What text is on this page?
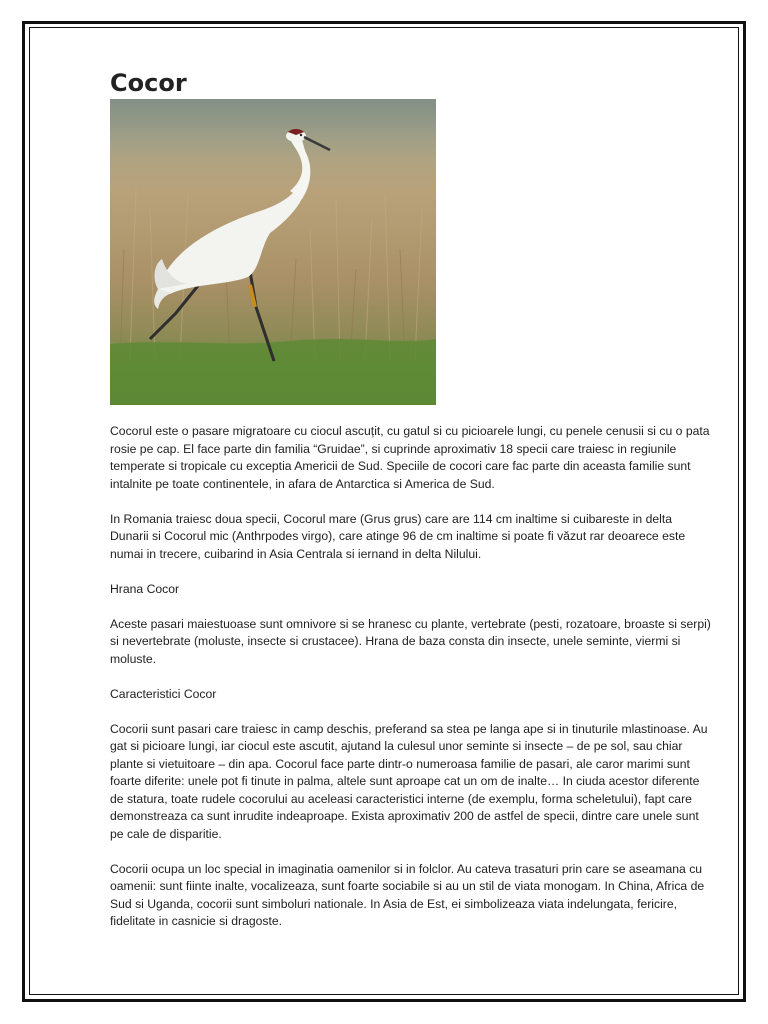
Cocor

Cocorul este o pasare migratoare cu ciocul ascuțit, cu gatul si cu picioarele lungi, cu penele cenusii si cu o pata rosie pe cap. El face parte din familia “Gruidae”, si cuprinde aproximativ 18 specii care traiesc in regiunile temperate si tropicale cu exceptia Americii de Sud. Speciile de cocori care fac parte din aceasta familie sunt intalnite pe toate continentele, in afara de Antarctica si America de Sud.

In Romania traiesc doua specii, Cocorul mare (Grus grus) care are 114 cm inaltime si cuibareste in delta Dunarii si Cocorul mic (Anthrpodes virgo), care atinge 96 de cm inaltime si poate fi văzut rar deoarece este numai in trecere, cuibarind in Asia Centrala si iernand in delta Nilului.

Hrana Cocor

Aceste pasari maiestuoase sunt omnivore si se hranesc cu plante, vertebrate (pesti, rozatoare, broaste si serpi) si nevertebrate (moluste, insecte si crustacee). Hrana de baza consta din insecte, unele seminte, viermi si moluste.

Caracteristici Cocor

Cocorii sunt pasari care traiesc in camp deschis, preferand sa stea pe langa ape si in tinuturile mlastinoase. Au gat si picioare lungi, iar ciocul este ascutit, ajutand la culesul unor seminte si insecte – de pe sol, sau chiar plante si vietuitoare – din apa. Cocorul face parte dintr-o numeroasa familie de pasari, ale caror marimi sunt foarte diferite: unele pot fi tinute in palma, altele sunt aproape cat un om de inalte… In ciuda acestor diferente de statura, toate rudele cocorului au aceleasi caracteristici interne (de exemplu, forma scheletului), fapt care demonstreaza ca sunt inrudite indeaproape. Exista aproximativ 200 de astfel de specii, dintre care unele sunt pe cale de disparitie.

Cocorii ocupa un loc special in imaginatia oamenilor si in folclor. Au cateva trasaturi prin care se aseamana cu oamenii: sunt fiinte inalte, vocalizeaza, sunt foarte sociabile si au un stil de viata monogam. In China, Africa de Sud si Uganda, cocorii sunt simboluri nationale. In Asia de Est, ei simbolizeaza viata indelungata, fericire, fidelitate in casnicie si dragoste.
